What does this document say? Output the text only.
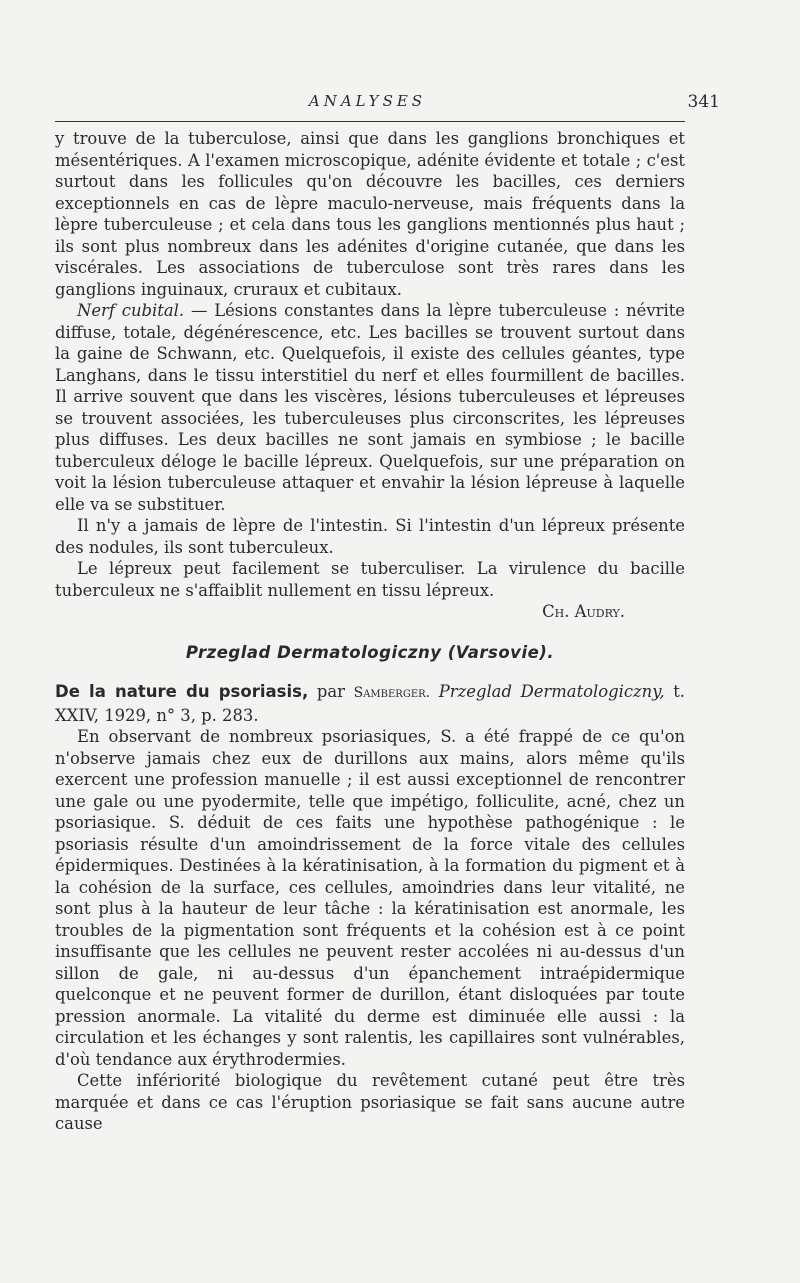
ANALYSES	341

y trouve de la tuberculose, ainsi que dans les ganglions bronchiques et mésentériques. A l'examen microscopique, adénite évidente et totale ; c'est surtout dans les follicules qu'on découvre les bacilles, ces derniers exceptionnels en cas de lèpre maculo-nerveuse, mais fréquents dans la lèpre tuberculeuse ; et cela dans tous les ganglions mentionnés plus haut ; ils sont plus nombreux dans les adénites d'origine cutanée, que dans les viscérales. Les associations de tuberculose sont très rares dans les ganglions inguinaux, cruraux et cubitaux.

Nerf cubital. — Lésions constantes dans la lèpre tuberculeuse : névrite diffuse, totale, dégénérescence, etc. Les bacilles se trouvent surtout dans la gaine de Schwann, etc. Quelquefois, il existe des cellules géantes, type Langhans, dans le tissu interstitiel du nerf et elles fourmillent de bacilles. Il arrive souvent que dans les viscères, lésions tuberculeuses et lépreuses se trouvent associées, les tuberculeuses plus circonscrites, les lépreuses plus diffuses. Les deux bacilles ne sont jamais en symbiose ; le bacille tuberculeux déloge le bacille lépreux. Quelquefois, sur une préparation on voit la lésion tuberculeuse attaquer et envahir la lésion lépreuse à laquelle elle va se substituer.

Il n'y a jamais de lèpre de l'intestin. Si l'intestin d'un lépreux présente des nodules, ils sont tuberculeux.

Le lépreux peut facilement se tuberculiser. La virulence du bacille tuberculeux ne s'affaiblit nullement en tissu lépreux.

Ch. Audry.

Przeglad Dermatologiczny (Varsovie).

De la nature du psoriasis, par Samberger. Przeglad Dermatologiczny, t. XXIV, 1929, n° 3, p. 283.

En observant de nombreux psoriasiques, S. a été frappé de ce qu'on n'observe jamais chez eux de durillons aux mains, alors même qu'ils exercent une profession manuelle ; il est aussi exceptionnel de rencontrer une gale ou une pyodermite, telle que impétigo, folliculite, acné, chez un psoriasique. S. déduit de ces faits une hypothèse pathogénique : le psoriasis résulte d'un amoindrissement de la force vitale des cellules épidermiques. Destinées à la kératinisation, à la formation du pigment et à la cohésion de la surface, ces cellules, amoindries dans leur vitalité, ne sont plus à la hauteur de leur tâche : la kératinisation est anormale, les troubles de la pigmentation sont fréquents et la cohésion est à ce point insuffisante que les cellules ne peuvent rester accolées ni au-dessus d'un sillon de gale, ni au-dessus d'un épanchement intraépidermique quelconque et ne peuvent former de durillon, étant disloquées par toute pression anormale. La vitalité du derme est diminuée elle aussi : la circulation et les échanges y sont ralentis, les capillaires sont vulnérables, d'où tendance aux érythrodermies.

Cette infériorité biologique du revêtement cutané peut être très marquée et dans ce cas l'éruption psoriasique se fait sans aucune autre cause
